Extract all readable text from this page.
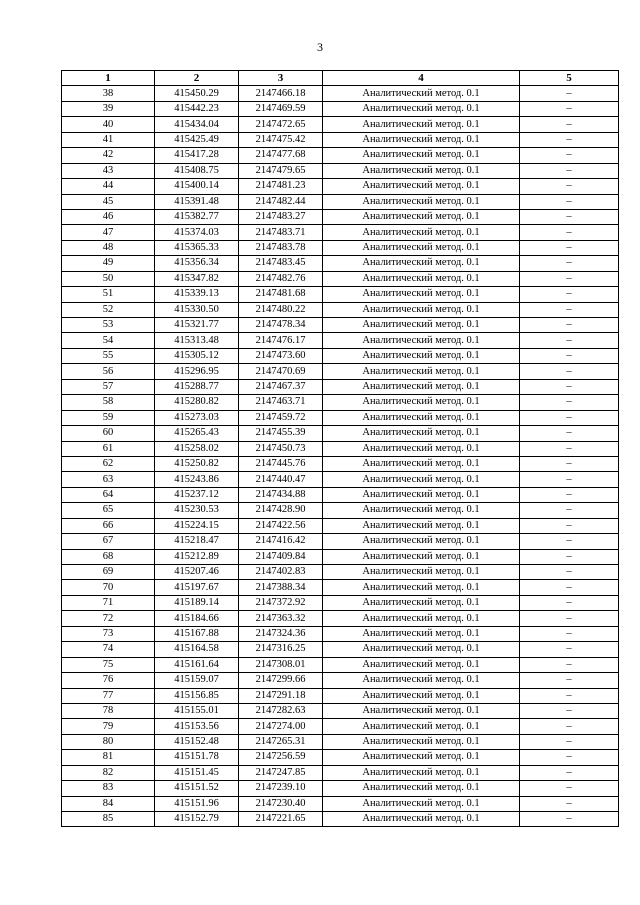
3
1	2	3	4	5
38	415450.29	2147466.18	Аналитический метод. 0.1	–
39	415442.23	2147469.59	Аналитический метод. 0.1	–
40	415434.04	2147472.65	Аналитический метод. 0.1	–
41	415425.49	2147475.42	Аналитический метод. 0.1	–
42	415417.28	2147477.68	Аналитический метод. 0.1	–
43	415408.75	2147479.65	Аналитический метод. 0.1	–
44	415400.14	2147481.23	Аналитический метод. 0.1	–
45	415391.48	2147482.44	Аналитический метод. 0.1	–
46	415382.77	2147483.27	Аналитический метод. 0.1	–
47	415374.03	2147483.71	Аналитический метод. 0.1	–
48	415365.33	2147483.78	Аналитический метод. 0.1	–
49	415356.34	2147483.45	Аналитический метод. 0.1	–
50	415347.82	2147482.76	Аналитический метод. 0.1	–
51	415339.13	2147481.68	Аналитический метод. 0.1	–
52	415330.50	2147480.22	Аналитический метод. 0.1	–
53	415321.77	2147478.34	Аналитический метод. 0.1	–
54	415313.48	2147476.17	Аналитический метод. 0.1	–
55	415305.12	2147473.60	Аналитический метод. 0.1	–
56	415296.95	2147470.69	Аналитический метод. 0.1	–
57	415288.77	2147467.37	Аналитический метод. 0.1	–
58	415280.82	2147463.71	Аналитический метод. 0.1	–
59	415273.03	2147459.72	Аналитический метод. 0.1	–
60	415265.43	2147455.39	Аналитический метод. 0.1	–
61	415258.02	2147450.73	Аналитический метод. 0.1	–
62	415250.82	2147445.76	Аналитический метод. 0.1	–
63	415243.86	2147440.47	Аналитический метод. 0.1	–
64	415237.12	2147434.88	Аналитический метод. 0.1	–
65	415230.53	2147428.90	Аналитический метод. 0.1	–
66	415224.15	2147422.56	Аналитический метод. 0.1	–
67	415218.47	2147416.42	Аналитический метод. 0.1	–
68	415212.89	2147409.84	Аналитический метод. 0.1	–
69	415207.46	2147402.83	Аналитический метод. 0.1	–
70	415197.67	2147388.34	Аналитический метод. 0.1	–
71	415189.14	2147372.92	Аналитический метод. 0.1	–
72	415184.66	2147363.32	Аналитический метод. 0.1	–
73	415167.88	2147324.36	Аналитический метод. 0.1	–
74	415164.58	2147316.25	Аналитический метод. 0.1	–
75	415161.64	2147308.01	Аналитический метод. 0.1	–
76	415159.07	2147299.66	Аналитический метод. 0.1	–
77	415156.85	2147291.18	Аналитический метод. 0.1	–
78	415155.01	2147282.63	Аналитический метод. 0.1	–
79	415153.56	2147274.00	Аналитический метод. 0.1	–
80	415152.48	2147265.31	Аналитический метод. 0.1	–
81	415151.78	2147256.59	Аналитический метод. 0.1	–
82	415151.45	2147247.85	Аналитический метод. 0.1	–
83	415151.52	2147239.10	Аналитический метод. 0.1	–
84	415151.96	2147230.40	Аналитический метод. 0.1	–
85	415152.79	2147221.65	Аналитический метод. 0.1	–
